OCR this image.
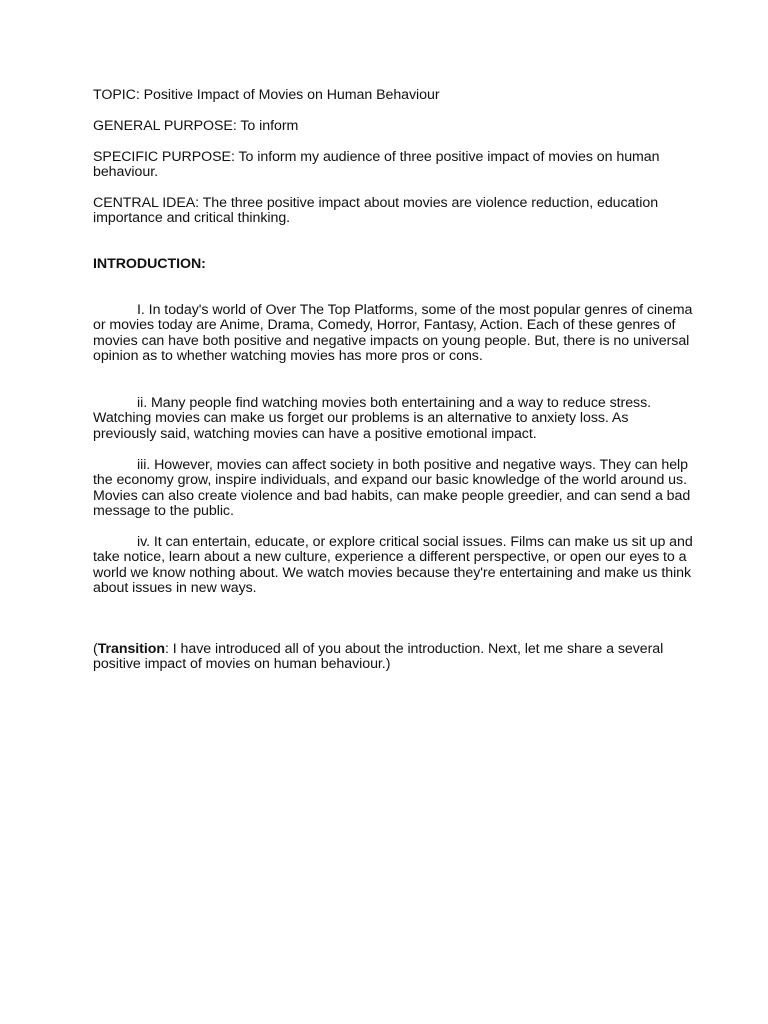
TOPIC: Positive Impact of Movies on Human Behaviour
GENERAL PURPOSE: To inform
SPECIFIC PURPOSE: To inform my audience of three positive impact of movies on human behaviour.
CENTRAL IDEA: The three positive impact about movies are violence reduction, education importance and critical thinking.
INTRODUCTION:
I. In today's world of Over The Top Platforms, some of the most popular genres of cinema or movies today are Anime, Drama, Comedy, Horror, Fantasy, Action. Each of these genres of movies can have both positive and negative impacts on young people. But, there is no universal opinion as to whether watching movies has more pros or cons.
ii. Many people find watching movies both entertaining and a way to reduce stress. Watching movies can make us forget our problems is an alternative to anxiety loss. As previously said, watching movies can have a positive emotional impact.
iii. However, movies can affect society in both positive and negative ways. They can help the economy grow, inspire individuals, and expand our basic knowledge of the world around us. Movies can also create violence and bad habits, can make people greedier, and can send a bad message to the public.
iv. It can entertain, educate, or explore critical social issues. Films can make us sit up and take notice, learn about a new culture, experience a different perspective, or open our eyes to a world we know nothing about. We watch movies because they're entertaining and make us think about issues in new ways.
(Transition: I have introduced all of you about the introduction. Next, let me share a several positive impact of movies on human behaviour.)
